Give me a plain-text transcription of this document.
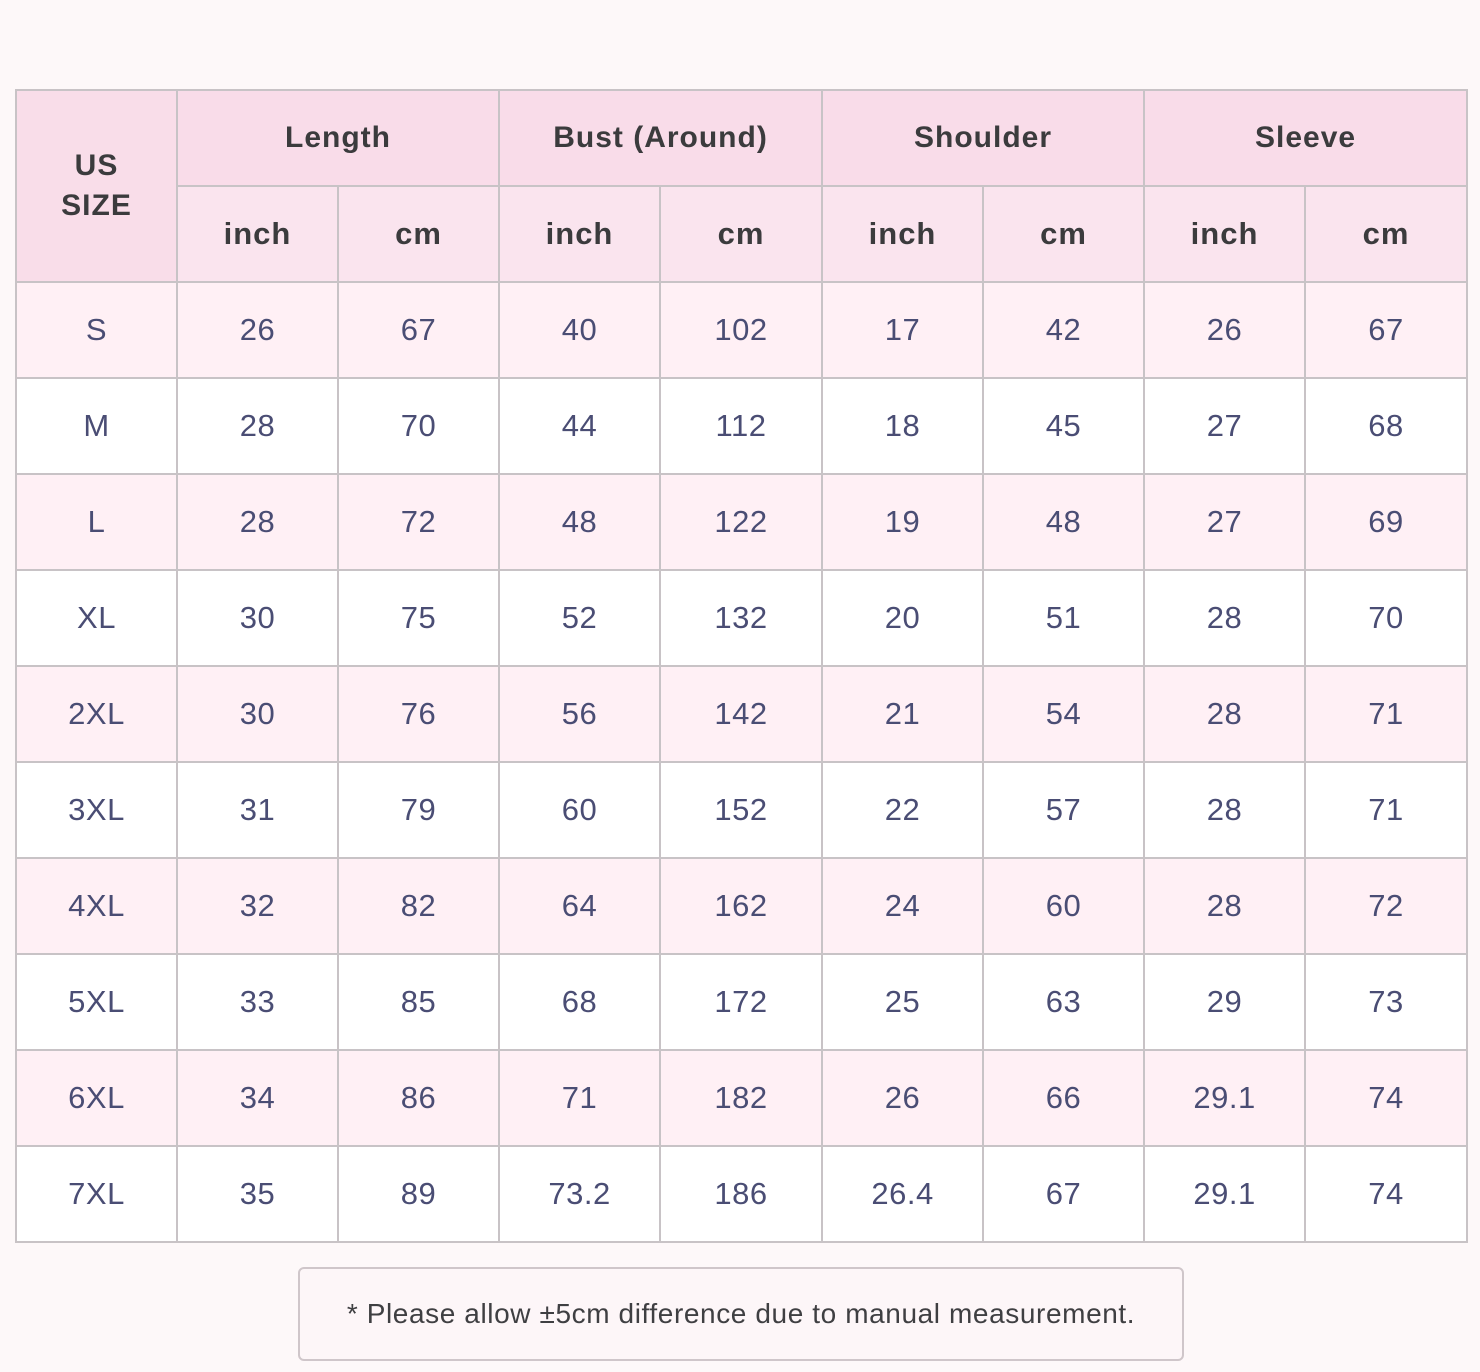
US
SIZE	Length		Bust (Around)		Shoulder		Sleeve	
	inch	cm	inch	cm	inch	cm	inch	cm
S	26	67	40	102	17	42	26	67
M	28	70	44	112	18	45	27	68
L	28	72	48	122	19	48	27	69
XL	30	75	52	132	20	51	28	70
2XL	30	76	56	142	21	54	28	71
3XL	31	79	60	152	22	57	28	71
4XL	32	82	64	162	24	60	28	72
5XL	33	85	68	172	25	63	29	73
6XL	34	86	71	182	26	66	29.1	74
7XL	35	89	73.2	186	26.4	67	29.1	74
* Please allow ±5cm difference due to manual measurement.
